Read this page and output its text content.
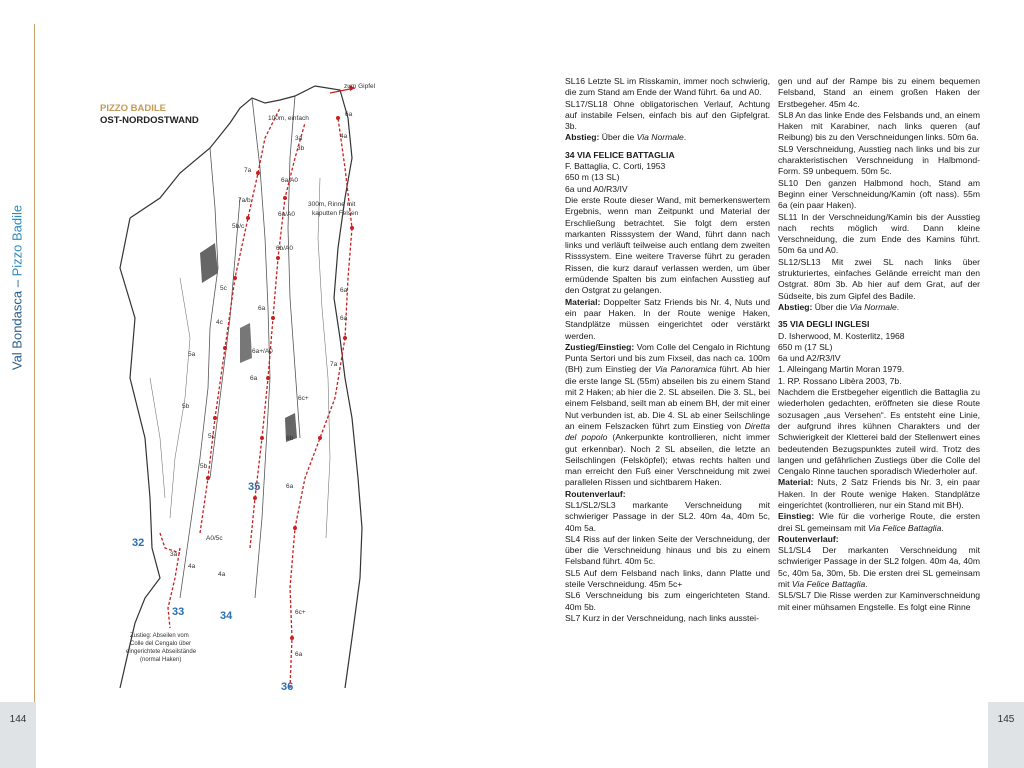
Val Bondasca – Pizzo Badile
PIZZO BADILE
OST-NORDOSTWAND
zum Gipfel
100m, einfach
300m, Rinne mit
kaputten Felsen
6a
3a
3b
4a
7a
7a/b
6a/A0
5b/c
6b/A0
6a/A0
5c
4c
6a
6a
5a	6a+/A0
6a
7a
6a
5b
6c+
6b
5c
5b
6a
A0/5c
3a
4a
4a
6c+
6a
32
33	34
35
36
Zustieg: Abseilen vom
Colle del Cengalo über
eingerichtete Abseilstände
(normal Haken)
144

SL16 Letzte SL im Risskamin, immer noch schwierig, die zum Stand am Ende der Wand führt. 6a und A0.

SL17/SL18 Ohne obligatorischen Verlauf, Achtung auf instabile Felsen, einfach bis auf den Gipfelgrat. 3b.

Abstieg: Über die Via Normale.

34 VIA FELICE BATTAGLIA

F. Battaglia, C. Corti, 1953

650 m (13 SL)

6a und A0/R3/IV

Die erste Route dieser Wand, mit bemerkenswertem Ergebnis, wenn man Zeitpunkt und Material der Erschließung betrachtet. Sie folgt dem ersten markanten Risssystem der Wand, führt dann nach links und verläuft teilweise auch entlang dem zweiten Risssystem. Eine weitere Traverse führt zu geraden Rissen, die kurz darauf verlassen werden, um über ermüdende Spalten bis zum einfachen Ausstieg auf den Ostgrat zu gelangen.

Material: Doppelter Satz Friends bis Nr. 4, Nuts und ein paar Haken. In der Route wenige Haken, Standplätze müssen eingerichtet oder verstärkt werden.

Zustieg/Einstieg: Vom Colle del Cengalo in Richtung Punta Sertori und bis zum Fixseil, das nach ca. 100m (BH) zum Einstieg der Via Panoramica führt. Ab hier die erste lange SL (55m) abseilen bis zu einem Stand mit 2 Haken; ab hier die 2. SL abseilen. Die 3. SL, bei einem Felsband, seilt man ab einem BH, der mit einer Nut verbunden ist, ab. Die 4. SL ab einer Seilschlinge an einem Felszacken führt zum Einstieg von Diretta del popolo (Ankerpunkte kontrollieren, nicht immer gut erkennbar). Noch 2 SL abseilen, die letzte an Seilschlingen (Felsköpfel); etwas rechts halten und man erreicht den Fuß einer Verschneidung mit zwei parallelen Rissen und sichtbarem Haken.

Routenverlauf:

SL1/SL2/SL3 markante Verschneidung mit schwieriger Passage in der SL2. 40m 4a, 40m 5c, 40m 5a.

SL4 Riss auf der linken Seite der Verschneidung, der über die Verschneidung hinaus und bis zu einem Felsband führt. 40m 5c.

SL5 Auf dem Felsband nach links, dann Platte und steile Verschneidung. 45m 5c+

SL6 Verschneidung bis zum eingerichteten Stand. 40m 5b.

SL7 Kurz in der Verschneidung, nach links ausstei-

gen und auf der Rampe bis zu einem bequemen Felsband, Stand an einem großen Haken der Erstbegeher. 45m 4c.

SL8 An das linke Ende des Felsbands und, an einem Haken mit Karabiner, nach links queren (auf Reibung) bis zu den Verschneidungen links. 50m 6a.

SL9 Verschneidung, Ausstieg nach links und bis zur charakteristischen Verschneidung in Halbmond-Form. S9 unbequem. 50m 5c.

SL10 Den ganzen Halbmond hoch, Stand am Beginn einer Verschneidung/Kamin (oft nass). 55m 6a (ein paar Haken).

SL11 In der Verschneidung/Kamin bis der Ausstieg nach rechts möglich wird. Dann kleine Verschneidung, die zum Ende des Kamins führt. 50m 6a und A0.

SL12/SL13 Mit zwei SL nach links über strukturiertes, einfaches Gelände erreicht man den Ostgrat. 80m 3b. Ab hier auf dem Grat, auf der Südseite, bis zum Gipfel des Badile.

Abstieg: Über die Via Normale.

35 VIA DEGLI INGLESI

D. Isherwood, M. Kosterlitz, 1968

650 m (17 SL)

6a und A2/R3/IV

1. Alleingang Martin Moran 1979.

1. RP. Rossano Libèra 2003, 7b.

Nachdem die Erstbegeher eigentlich die Battaglia zu wiederholen gedachten, eröffneten sie diese Route sozusagen „aus Versehen“. Es entsteht eine Linie, der aufgrund ihres kühnen Charakters und der Schwierigkeit der Kletterei bald der Stellenwert eines bedeutenden Bezugspunktes zuteil wird. Trotz des langen und gefährlichen Zustiegs über die Colle del Cengalo Rinne tauchen sporadisch Wiederholer auf.

Material: Nuts, 2 Satz Friends bis Nr. 3, ein paar Haken. In der Route wenige Haken. Standplätze eingerichtet (kontrollieren, nur ein Stand mit BH).

Einstieg: Wie für die vorherige Route, die ersten drei SL gemeinsam mit Via Felice Battaglia.

Routenverlauf:

SL1/SL4 Der markanten Verschneidung mit schwieriger Passage in der SL2 folgen. 40m 4a, 40m 5c, 40m 5a, 30m, 5b. Die ersten drei SL gemeinsam mit Via Felice Battaglia.

SL5/SL7 Die Risse werden zur Kaminverschneidung mit einer mühsamen Engstelle. Es folgt eine Rinne

145
